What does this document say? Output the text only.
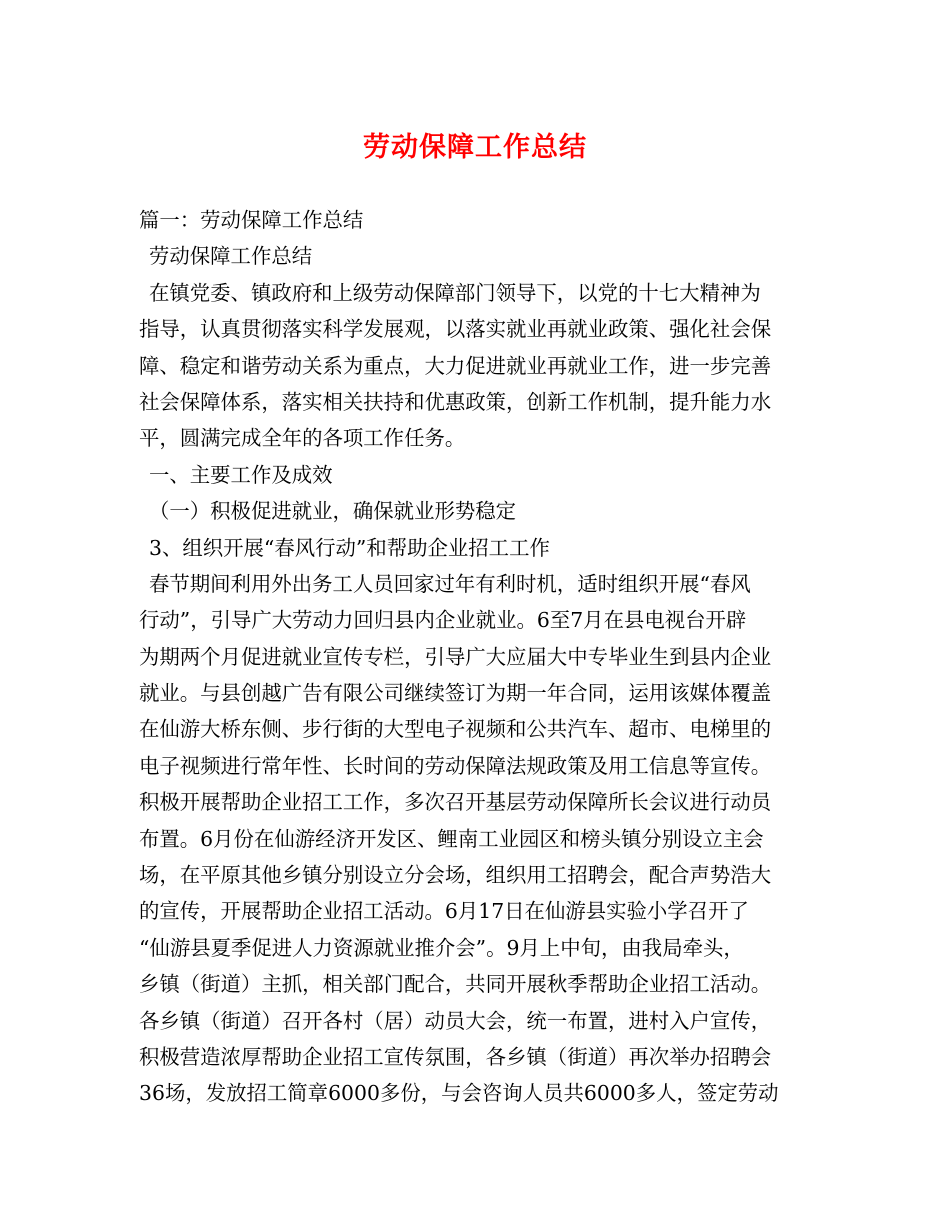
劳动保障工作总结
篇一：劳动保障工作总结
劳动保障工作总结
在镇党委、镇政府和上级劳动保障部门领导下，以党的十七大精神为
指导，认真贯彻落实科学发展观，以落实就业再就业政策、强化社会保
障、稳定和谐劳动关系为重点，大力促进就业再就业工作，进一步完善
社会保障体系，落实相关扶持和优惠政策，创新工作机制，提升能力水
平，圆满完成全年的各项工作任务。
一、主要工作及成效
（一）积极促进就业，确保就业形势稳定
3、组织开展“春风行动”和帮助企业招工工作
春节期间利用外出务工人员回家过年有利时机，适时组织开展“春风
行动”，引导广大劳动力回归县内企业就业。6至7月在县电视台开辟
为期两个月促进就业宣传专栏，引导广大应届大中专毕业生到县内企业
就业。与县创越广告有限公司继续签订为期一年合同，运用该媒体覆盖
在仙游大桥东侧、步行街的大型电子视频和公共汽车、超市、电梯里的
电子视频进行常年性、长时间的劳动保障法规政策及用工信息等宣传。
积极开展帮助企业招工工作，多次召开基层劳动保障所长会议进行动员
布置。6月份在仙游经济开发区、鲤南工业园区和榜头镇分别设立主会
场，在平原其他乡镇分别设立分会场，组织用工招聘会，配合声势浩大
的宣传，开展帮助企业招工活动。6月17日在仙游县实验小学召开了
“仙游县夏季促进人力资源就业推介会”。9月上中旬，由我局牵头，
乡镇（街道）主抓，相关部门配合，共同开展秋季帮助企业招工活动。
各乡镇（街道）召开各村（居）动员大会，统一布置，进村入户宣传，
积极营造浓厚帮助企业招工宣传氛围，各乡镇（街道）再次举办招聘会
36场，发放招工简章6000多份，与会咨询人员共6000多人，签定劳动
